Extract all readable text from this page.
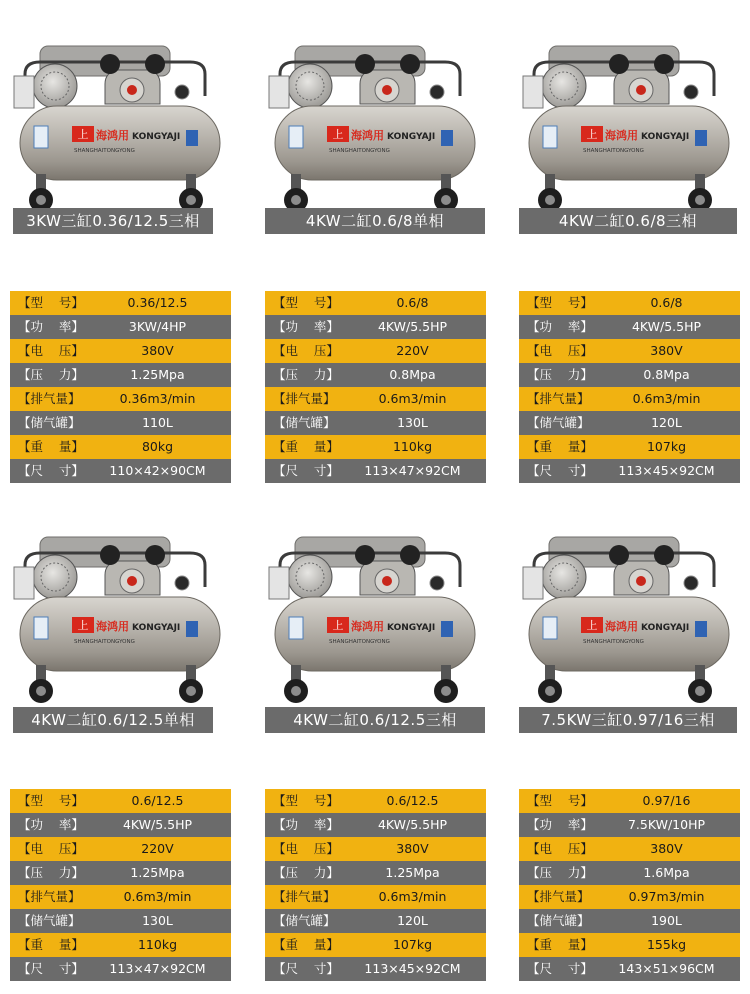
上 海鸿用 KONGYAJI
SHANGHAITONGYONG
3KW三缸0.36/12.5三相
【型    号】	0.36/12.5
【功    率】	3KW/4HP
【电    压】	380V
【压    力】	1.25Mpa
【排气量】	0.36m3/min
【储气罐】	110L
【重    量】	80kg
【尺    寸】	110×42×90CM
上 海鸿用 KONGYAJI
SHANGHAITONGYONG
4KW二缸0.6/8单相
【型    号】	0.6/8
【功    率】	4KW/5.5HP
【电    压】	220V
【压    力】	0.8Mpa
【排气量】	0.6m3/min
【储气罐】	130L
【重    量】	110kg
【尺    寸】	113×47×92CM
上 海鸿用 KONGYAJI
SHANGHAITONGYONG
4KW二缸0.6/8三相
【型    号】	0.6/8
【功    率】	4KW/5.5HP
【电    压】	380V
【压    力】	0.8Mpa
【排气量】	0.6m3/min
【储气罐】	120L
【重    量】	107kg
【尺    寸】	113×45×92CM
上 海鸿用 KONGYAJI
SHANGHAITONGYONG
4KW二缸0.6/12.5单相
【型    号】	0.6/12.5
【功    率】	4KW/5.5HP
【电    压】	220V
【压    力】	1.25Mpa
【排气量】	0.6m3/min
【储气罐】	130L
【重    量】	110kg
【尺    寸】	113×47×92CM
上 海鸿用 KONGYAJI
SHANGHAITONGYONG
4KW二缸0.6/12.5三相
【型    号】	0.6/12.5
【功    率】	4KW/5.5HP
【电    压】	380V
【压    力】	1.25Mpa
【排气量】	0.6m3/min
【储气罐】	120L
【重    量】	107kg
【尺    寸】	113×45×92CM
上 海鸿用 KONGYAJI
SHANGHAITONGYONG
7.5KW三缸0.97/16三相
【型    号】	0.97/16
【功    率】	7.5KW/10HP
【电    压】	380V
【压    力】	1.6Mpa
【排气量】	0.97m3/min
【储气罐】	190L
【重    量】	155kg
【尺    寸】	143×51×96CM
